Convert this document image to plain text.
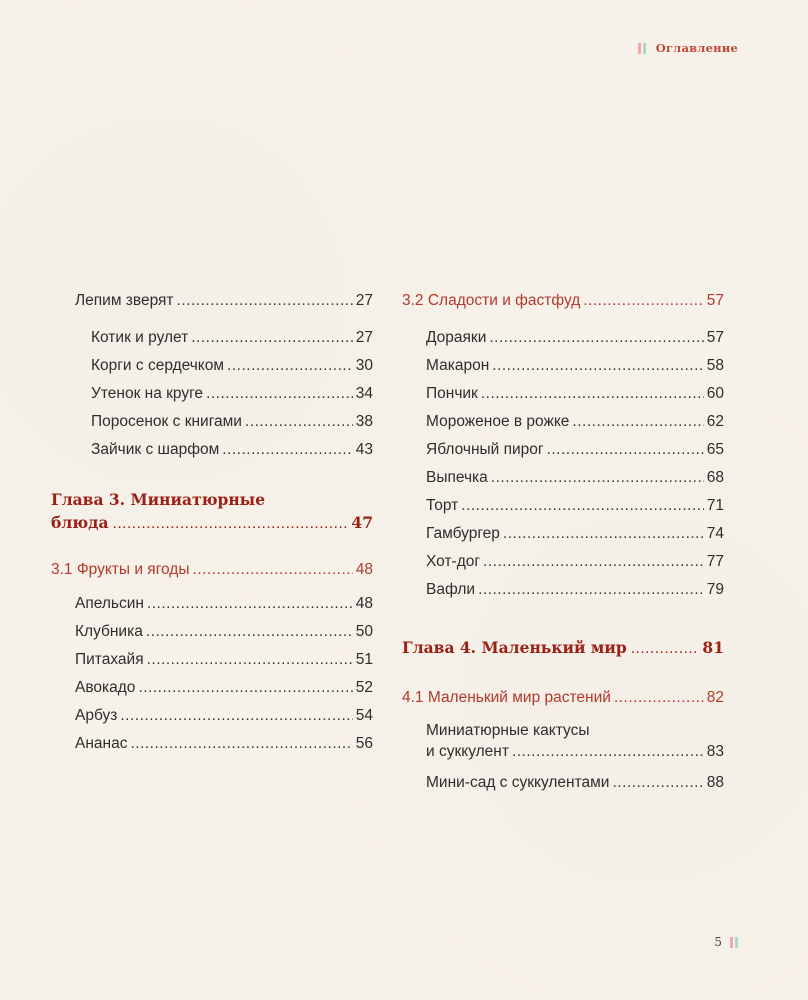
Оглавление
Лепим зверят .....	27
Котик и рулет .....	27
Корги с сердечком .....	30
Утенок на круге .....	34
Поросенок с книгами .....	38
Зайчик с шарфом .....	43
Глава 3. Миниатюрные
блюда .....	47
3.1 Фрукты и ягоды .....	48
Апельсин .....	48
Клубника .....	50
Питахайя .....	51
Авокадо .....	52
Арбуз .....	54
Ананас .....	56
3.2 Сладости и фастфуд .....	57
Дораяки .....	57
Макарон .....	58
Пончик .....	60
Мороженое в рожке .....	62
Яблочный пирог .....	65
Выпечка .....	68
Торт .....	71
Гамбургер .....	74
Хот-дог .....	77
Вафли .....	79
Глава 4. Маленький мир .....	81
4.1 Маленький мир растений .....	82
Миниатюрные кактусы
и суккулент .....	83
Мини-сад с суккулентами .....	88
5
